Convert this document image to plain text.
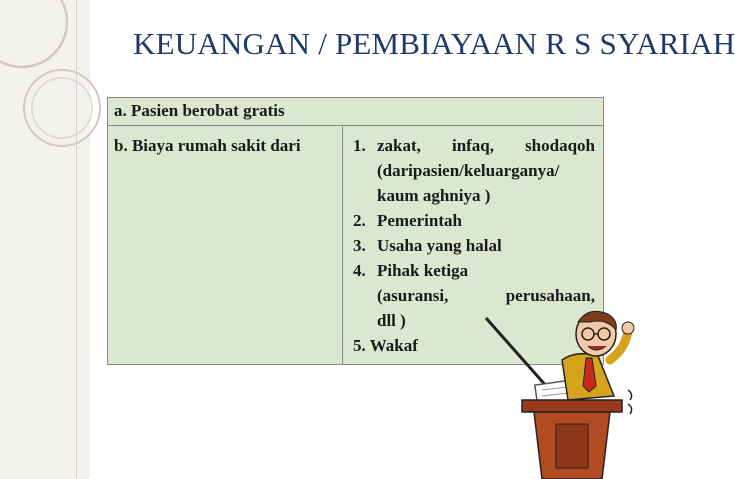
KEUANGAN / PEMBIAYAAN R S SYARIAH
a. Pasien berobat gratis

b. Biaya rumah sakit dari	1. zakat, infaq, shodaqoh
(daripasien/keluarganya/
kaum aghniya )
2. Pemerintah
3. Usaha yang halal
4. Pihak ketiga
(asuransi, perusahaan,
dll )
5. Wakaf
